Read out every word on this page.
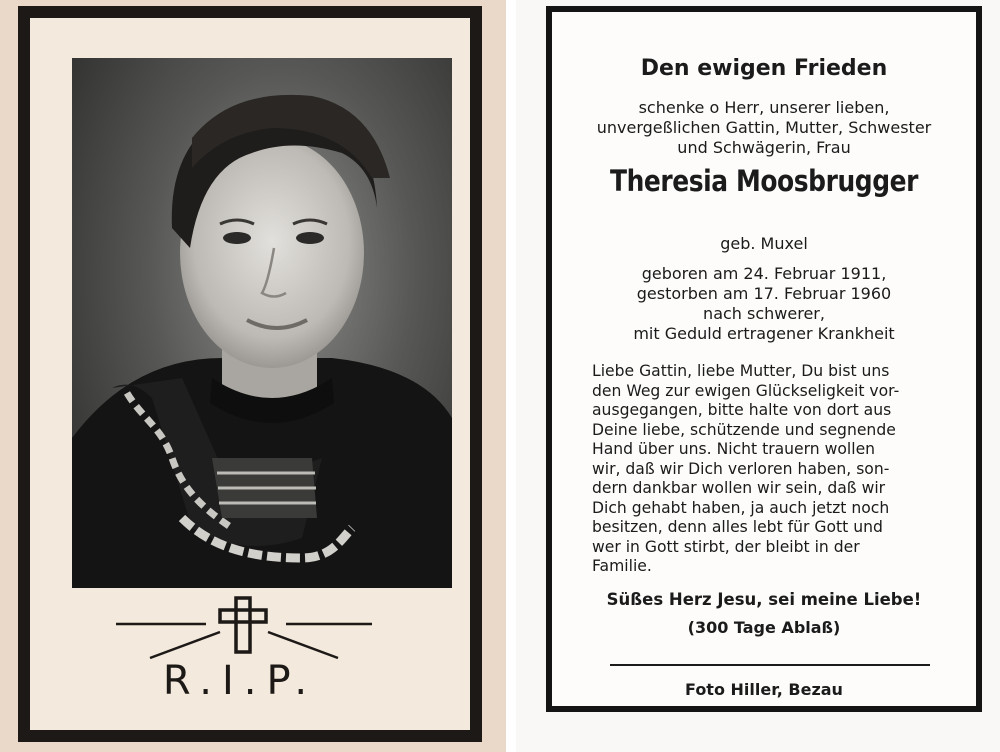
R.I.P.
Den ewigen Frieden
schenke o Herr, unserer lieben,
unvergeßlichen Gattin, Mutter, Schwester
und Schwägerin, Frau
Theresia Moosbrugger
geb. Muxel
geboren am 24. Februar 1911,
gestorben am 17. Februar 1960
nach schwerer,
mit Geduld ertragener Krankheit
Liebe Gattin, liebe Mutter, Du bist uns
den Weg zur ewigen Glückseligkeit vor-
ausgegangen, bitte halte von dort aus
Deine liebe, schützende und segnende
Hand über uns. Nicht trauern wollen
wir, daß wir Dich verloren haben, son-
dern dankbar wollen wir sein, daß wir
Dich gehabt haben, ja auch jetzt noch
besitzen, denn alles lebt für Gott und
wer in Gott stirbt, der bleibt in der
Familie.
Süßes Herz Jesu, sei meine Liebe!
(300 Tage Ablaß)
Foto Hiller, Bezau
